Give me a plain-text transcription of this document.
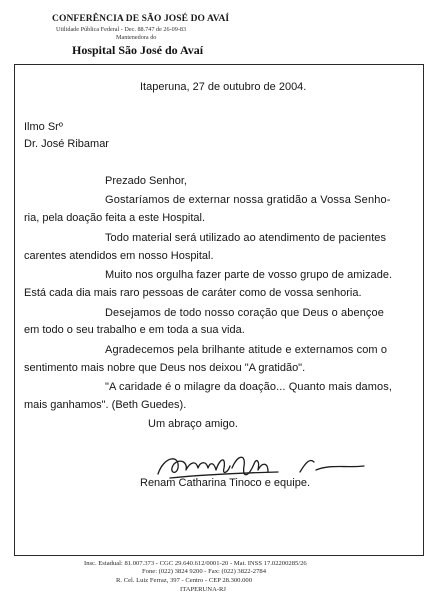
CONFERÊNCIA DE SÃO JOSÉ DO AVAÍ
Utilidade Pública Federal - Dec. 88.747 de 26-09-83
Mantenedora do
Hospital São José do Avaí
Itaperuna, 27 de outubro de 2004.
Ilmo Srº
Dr. José Ribamar
Prezado Senhor,
Gostaríamos de externar nossa gratidão a Vossa Senho-
ria, pela doação feita a este Hospital.
Todo material será utilizado ao atendimento de pacientes
carentes atendidos em nosso Hospital.
Muito nos orgulha fazer parte de vosso grupo de amizade.
Está cada dia mais raro pessoas de caráter como de vossa senhoria.
Desejamos de todo nosso coração que Deus o abençoe
em todo o seu trabalho e em toda a sua vida.
Agradecemos pela brilhante atitude e externamos com o
sentimento mais nobre que Deus nos deixou "A gratidão".
"A caridade é o milagre da doação... Quanto mais damos,
mais ganhamos". (Beth Guedes).
Um abraço amigo.
Renam Catharina Tinoco e equipe.
Insc. Estadual: 81.007.373 - CGC 29.640.612/0001-20 - Mat. INSS 17.02200285/26
Fone: (022) 3824 9200 - Fax: (022) 3822-2784
R. Cel. Luiz Ferraz, 397 - Centro - CEP 28.300.000
ITAPERUNA-RJ
